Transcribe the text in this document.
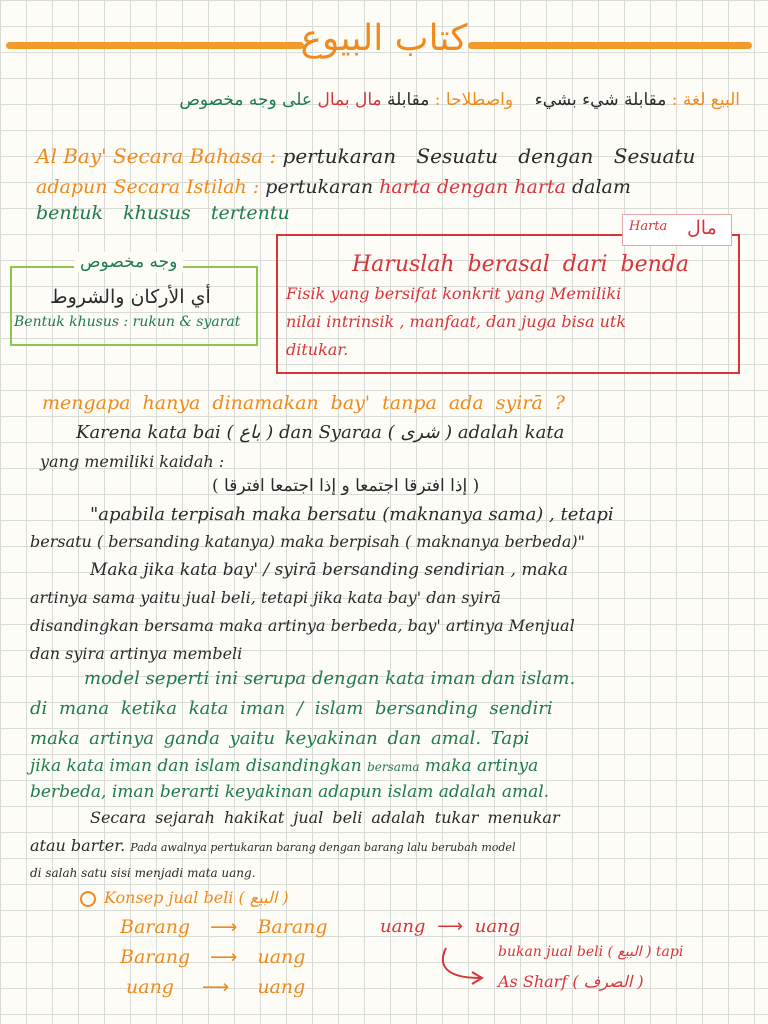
كتاب البيوع
البيع لغة : مقابلة شيء بشيء    واصطلاحا : مقابلة مال بمال على وجه مخصوص
Al Bay' Secara Bahasa : pertukaran Sesuatu dengan Sesuatu
adapun Secara Istilah : pertukaran harta dengan harta dalam
bentuk khusus tertentu
وجه مخصوص
أي الأركان والشروط
Bentuk khusus : rukun & syarat
Harta مال
Haruslah berasal dari benda
Fisik yang bersifat konkrit yang Memiliki
nilai intrinsik , manfaat, dan juga bisa utk
ditukar.
mengapa hanya dinamakan bay' tanpa ada syirā ?
Karena kata bai ( باع ) dan Syaraa ( شرى ) adalah kata
yang memiliki kaidah :
( إذا افترقا اجتمعا و إذا اجتمعا افترقا )
"apabila terpisah maka bersatu (maknanya sama) , tetapi
bersatu ( bersanding katanya) maka berpisah ( maknanya berbeda)"
Maka jika kata bay' / syirā bersanding sendirian , maka
artinya sama yaitu jual beli, tetapi jika kata bay' dan syirā
disandingkan bersama maka artinya berbeda, bay' artinya Menjual
dan syira artinya membeli
model seperti ini serupa dengan kata iman dan islam.
di mana ketika kata iman / islam bersanding sendiri
maka artinya ganda yaitu keyakinan dan amal. Tapi
jika kata iman dan islam disandingkan bersama maka artinya
berbeda, iman berarti keyakinan adapun islam adalah amal.
Secara sejarah hakikat jual beli adalah tukar menukar
atau barter. Pada awalnya pertukaran barang dengan barang lalu berubah model
di salah satu sisi menjadi mata uang.
Konsep jual beli ( البيع )
Barang ⟶ Barang
Barang ⟶ uang
uang ⟶ uang
uang ⟶ uang
bukan jual beli ( البيع ) tapi
As Sharf ( الصرف )
